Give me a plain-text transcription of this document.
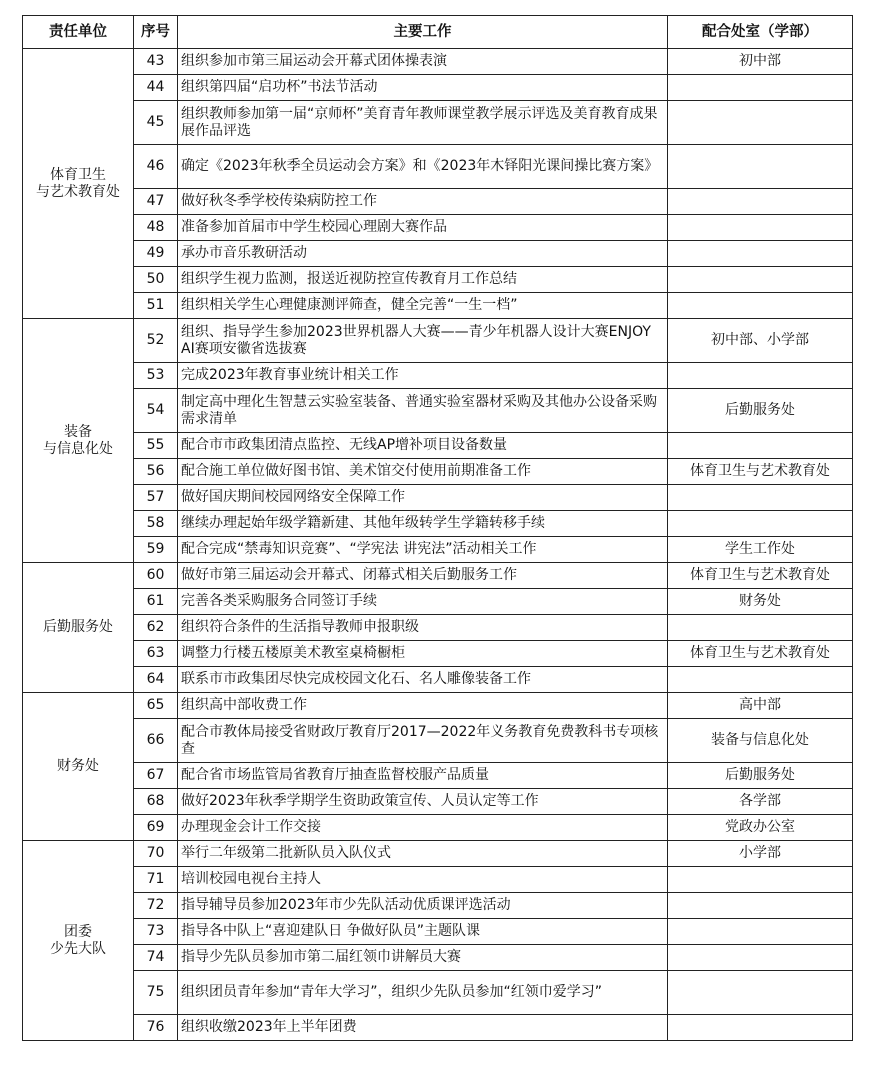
责任单位	序号	主要工作	配合处室（学部）
体育卫生
与艺术教育处	43	组织参加市第三届运动会开幕式团体操表演	初中部
	44	组织第四届“启功杯”书法节活动	
	45	组织教师参加第一届“京师杯”美育青年教师课堂教学展示评选及美育教育成果展作品评选	
	46	确定《2023年秋季全员运动会方案》和《2023年木铎阳光课间操比赛方案》	
	47	做好秋冬季学校传染病防控工作	
	48	准备参加首届市中学生校园心理剧大赛作品	
	49	承办市音乐教研活动	
	50	组织学生视力监测，报送近视防控宣传教育月工作总结	
	51	组织相关学生心理健康测评筛查，健全完善“一生一档”	
装备
与信息化处	52	组织、指导学生参加2023世界机器人大赛——青少年机器人设计大赛ENJOY AI赛项安徽省选拔赛	初中部、小学部
	53	完成2023年教育事业统计相关工作	
	54	制定高中理化生智慧云实验室装备、普通实验室器材采购及其他办公设备采购需求清单	后勤服务处
	55	配合市市政集团清点监控、无线AP增补项目设备数量	
	56	配合施工单位做好图书馆、美术馆交付使用前期准备工作	体育卫生与艺术教育处
	57	做好国庆期间校园网络安全保障工作	
	58	继续办理起始年级学籍新建、其他年级转学生学籍转移手续	
	59	配合完成“禁毒知识竞赛”、“学宪法 讲宪法”活动相关工作	学生工作处
后勤服务处	60	做好市第三届运动会开幕式、闭幕式相关后勤服务工作	体育卫生与艺术教育处
	61	完善各类采购服务合同签订手续	财务处
	62	组织符合条件的生活指导教师申报职级	
	63	调整力行楼五楼原美术教室桌椅橱柜	体育卫生与艺术教育处
	64	联系市市政集团尽快完成校园文化石、名人雕像装备工作	
财务处	65	组织高中部收费工作	高中部
	66	配合市教体局接受省财政厅教育厅2017—2022年义务教育免费教科书专项核查	装备与信息化处
	67	配合省市场监管局省教育厅抽查监督校服产品质量	后勤服务处
	68	做好2023年秋季学期学生资助政策宣传、人员认定等工作	各学部
	69	办理现金会计工作交接	党政办公室
团委
少先大队	70	举行二年级第二批新队员入队仪式	小学部
	71	培训校园电视台主持人	
	72	指导辅导员参加2023年市少先队活动优质课评选活动	
	73	指导各中队上“喜迎建队日 争做好队员”主题队课	
	74	指导少先队员参加市第二届红领巾讲解员大赛	
	75	组织团员青年参加“青年大学习”，组织少先队员参加“红领巾爱学习”	
	76	组织收缴2023年上半年团费	
